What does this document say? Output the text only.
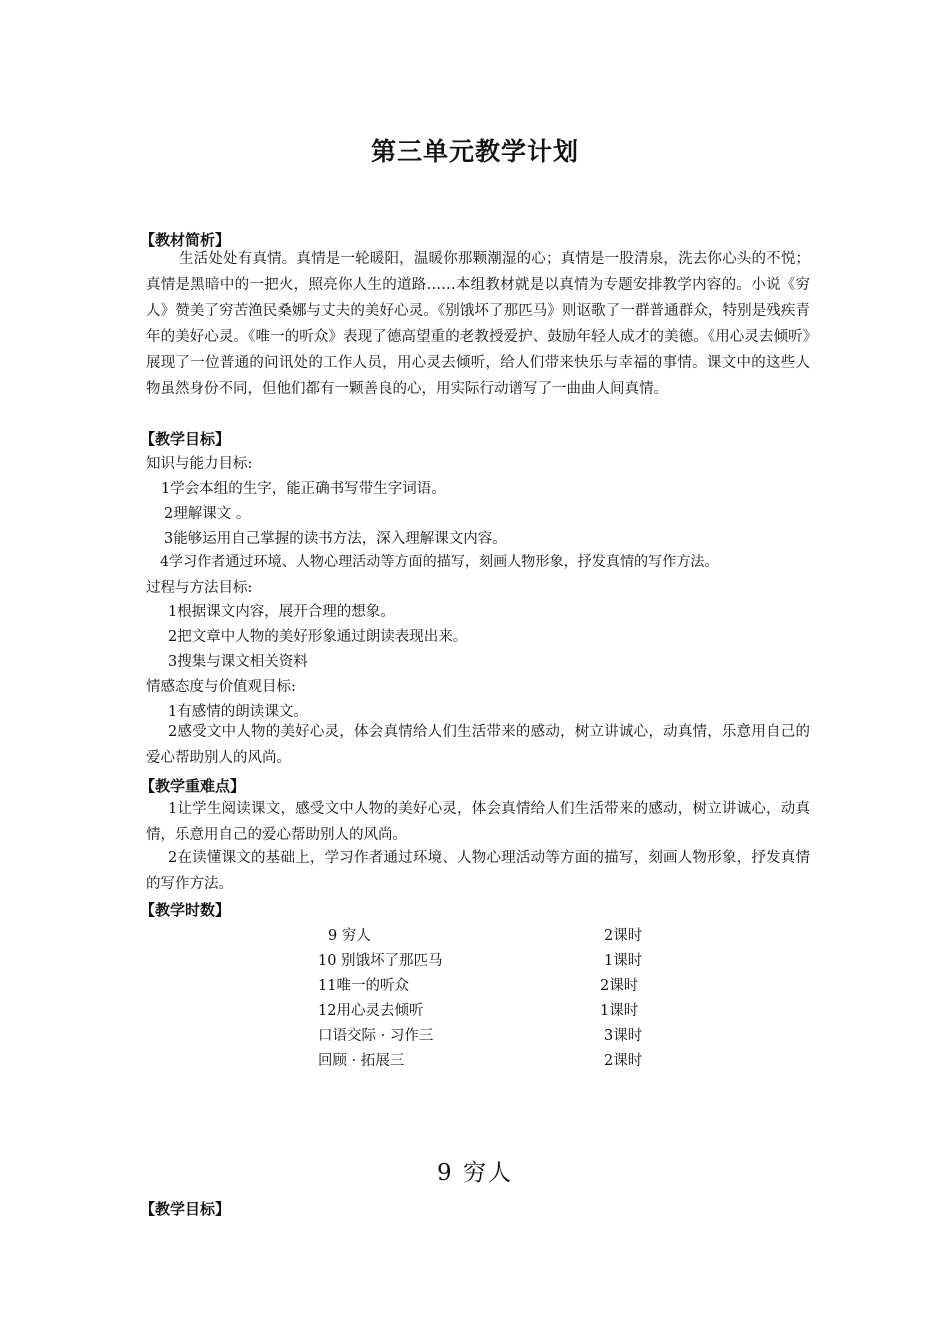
第三单元教学计划
【教材简析】
生活处处有真情。真情是一轮暖阳，温暖你那颗潮湿的心；真情是一股清泉，洗去你心头的不悦；真情是黑暗中的一把火，照亮你人生的道路……本组教材就是以真情为专题安排教学内容的。小说《穷人》赞美了穷苦渔民桑娜与丈夫的美好心灵。《别饿坏了那匹马》则讴歌了一群普通群众，特别是残疾青年的美好心灵。《唯一的听众》表现了德高望重的老教授爱护、鼓励年轻人成才的美德。《用心灵去倾听》展现了一位普通的问讯处的工作人员，用心灵去倾听，给人们带来快乐与幸福的事情。课文中的这些人物虽然身份不同，但他们都有一颗善良的心，用实际行动谱写了一曲曲人间真情。
【教学目标】
知识与能力目标:
1学会本组的生字，能正确书写带生字词语。
2理解课文 。
3能够运用自己掌握的读书方法，深入理解课文内容。
4学习作者通过环境、人物心理活动等方面的描写，刻画人物形象，抒发真情的写作方法。
过程与方法目标:
1根据课文内容，展开合理的想象。
2把文章中人物的美好形象通过朗读表现出来。
3搜集与课文相关资料
情感态度与价值观目标:
1有感情的朗读课文。
2感受文中人物的美好心灵，体会真情给人们生活带来的感动，树立讲诚心，动真情，乐意用自己的爱心帮助别人的风尚。
【教学重难点】
1让学生阅读课文，感受文中人物的美好心灵，体会真情给人们生活带来的感动，树立讲诚心，动真情，乐意用自己的爱心帮助别人的风尚。
2在读懂课文的基础上，学习作者通过环境、人物心理活动等方面的描写，刻画人物形象，抒发真情的写作方法。
【教学时数】
9 穷人	2课时
10 别饿坏了那匹马	1课时
11唯一的听众	2课时
12用心灵去倾听	1课时
口语交际 · 习作三	3课时
回顾 · 拓展三	2课时
9 穷人
【教学目标】
